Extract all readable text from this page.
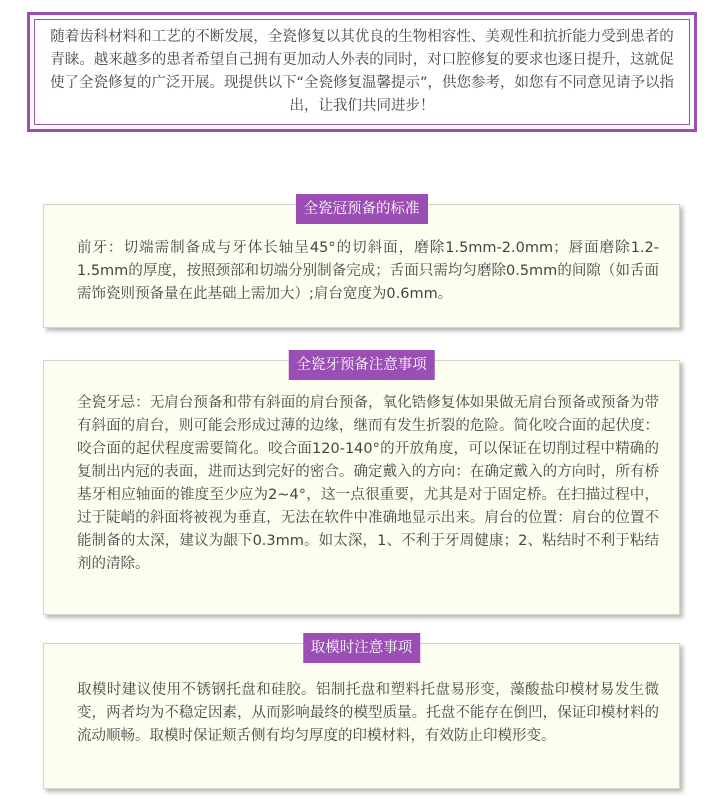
随着齿科材料和工艺的不断发展，全瓷修复以其优良的生物相容性、美观性和抗折能力受到患者的青睐。越来越多的患者希望自己拥有更加动人外表的同时，对口腔修复的要求也逐日提升，这就促使了全瓷修复的广泛开展。现提供以下“全瓷修复温馨提示”，供您参考，如您有不同意见请予以指出，让我们共同进步！

全瓷冠预备的标准

前牙：切端需制备成与牙体长轴呈45°的切斜面，磨除1.5mm-2.0mm；唇面磨除1.2-1.5mm的厚度，按照颈部和切端分别制备完成；舌面只需均匀磨除0.5mm的间隙（如舌面需饰瓷则预备量在此基础上需加大）;肩台宽度为0.6mm。

全瓷牙预备注意事项

全瓷牙忌：无肩台预备和带有斜面的肩台预备，氧化锆修复体如果做无肩台预备或预备为带有斜面的肩台，则可能会形成过薄的边缘，继而有发生折裂的危险。简化咬合面的起伏度：咬合面的起伏程度需要简化。咬合面120-140°的开放角度，可以保证在切削过程中精确的复制出内冠的表面，进而达到完好的密合。确定戴入的方向：在确定戴入的方向时，所有桥基牙相应轴面的锥度至少应为2~4°，这一点很重要，尤其是对于固定桥。在扫描过程中，过于陡峭的斜面将被视为垂直，无法在软件中准确地显示出来。肩台的位置：肩台的位置不能制备的太深，建议为龈下0.3mm。如太深，1、不利于牙周健康；2、粘结时不利于粘结剂的清除。

取模时注意事项

取模时建议使用不锈钢托盘和硅胶。铝制托盘和塑料托盘易形变，藻酸盐印模材易发生微变，两者均为不稳定因素，从而影响最终的模型质量。托盘不能存在倒凹，保证印模材料的流动顺畅。取模时保证颊舌侧有均匀厚度的印模材料，有效防止印模形变。
